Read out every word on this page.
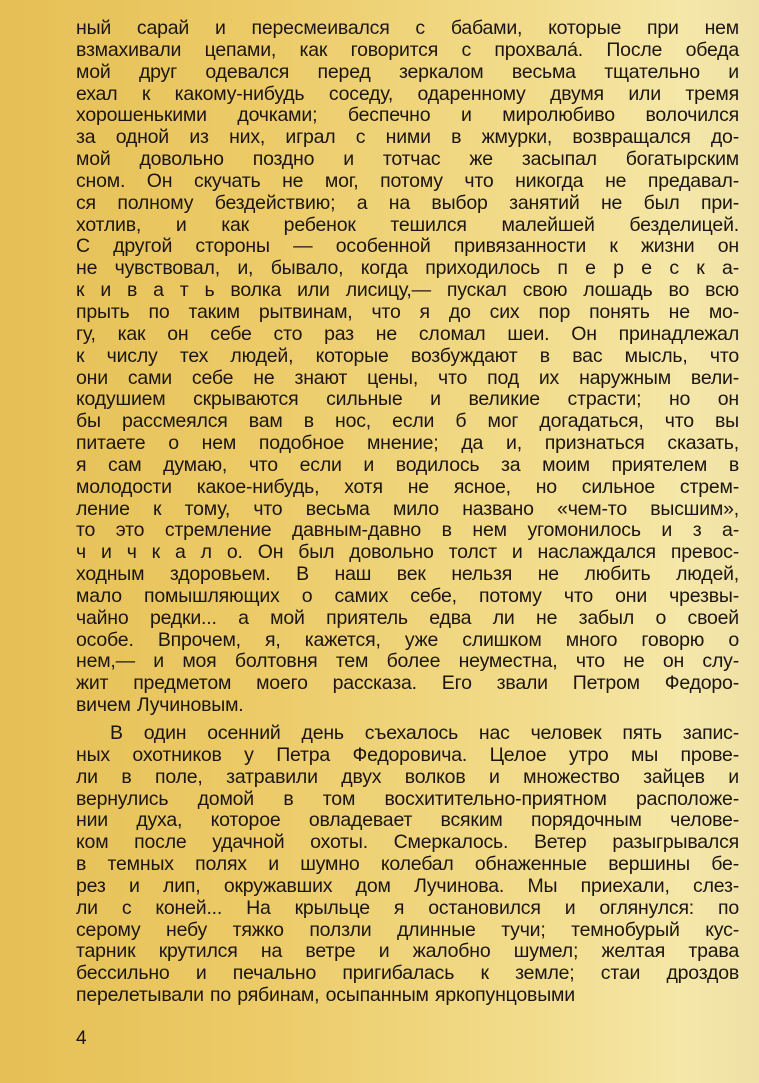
ный сарай и пересмеивался с бабами, которые при нем
взмахивали цепами, как говорится с прохвалá. После обеда
мой друг одевался перед зеркалом весьма тщательно и
ехал к какому-нибудь соседу, одаренному двумя или тремя
хорошенькими дочками; беспечно и миролюбиво волочился
за одной из них, играл с ними в жмурки, возвращался до-
мой довольно поздно и тотчас же засыпал богатырским
сном. Он скучать не мог, потому что никогда не предавал-
ся полному бездействию; а на выбор занятий не был при-
хотлив, и как ребенок тешился малейшей безделицей.
С другой стороны — особенной привязанности к жизни он
не чувствовал, и, бывало, когда приходилось п е р е с к а-
к и в а т ь волка или лисицу,— пускал свою лошадь во всю
прыть по таким рытвинам, что я до сих пор понять не мо-
гу, как он себе сто раз не сломал шеи. Он принадлежал
к числу тех людей, которые возбуждают в вас мысль, что
они сами себе не знают цены, что под их наружным вели-
кодушием скрываются сильные и великие страсти; но он
бы рассмеялся вам в нос, если б мог догадаться, что вы
питаете о нем подобное мнение; да и, признаться сказать,
я сам думаю, что если и водилось за моим приятелем в
молодости какое-нибудь, хотя не ясное, но сильное стрем-
ление к тому, что весьма мило названо «чем-то высшим»,
то это стремление давным-давно в нем угомонилось и з а-
ч и ч к а л о. Он был довольно толст и наслаждался превос-
ходным здоровьем. В наш век нельзя не любить людей,
мало помышляющих о самих себе, потому что они чрезвы-
чайно редки... а мой приятель едва ли не забыл о своей
особе. Впрочем, я, кажется, уже слишком много говорю о
нем,— и моя болтовня тем более неуместна, что не он слу-
жит предметом моего рассказа. Его звали Петром Федоро-
вичем Лучиновым.
В один осенний день съехалось нас человек пять запис-
ных охотников у Петра Федоровича. Целое утро мы прове-
ли в поле, затравили двух волков и множество зайцев и
вернулись домой в том восхитительно-приятном расположе-
нии духа, которое овладевает всяким порядочным челове-
ком после удачной охоты. Смеркалось. Ветер разыгрывался
в темных полях и шумно колебал обнаженные вершины бе-
рез и лип, окружавших дом Лучинова. Мы приехали, слез-
ли с коней... На крыльце я остановился и оглянулся: по
серому небу тяжко ползли длинные тучи; темнобурый кус-
тарник крутился на ветре и жалобно шумел; желтая трава
бессильно и печально пригибалась к земле; стаи дроздов
перелетывали по рябинам, осыпанным яркопунцовыми
4
